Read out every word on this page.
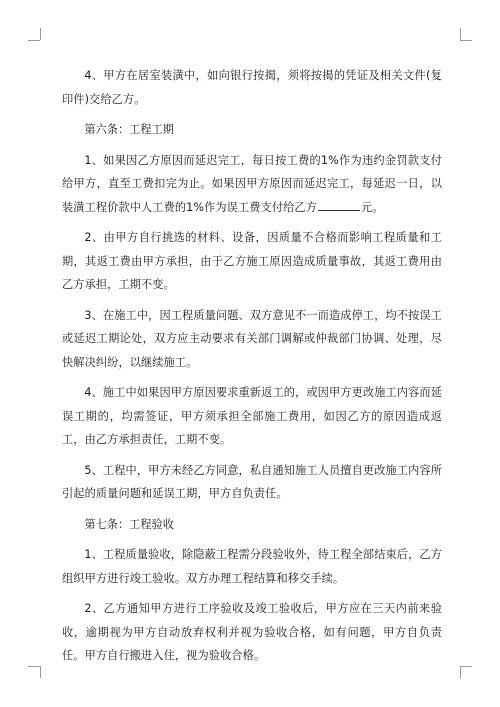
4、甲方在居室装潢中，如向银行按揭，须将按揭的凭证及相关文件(复印件)交给乙方。

第六条：工程工期

1、如果因乙方原因而延迟完工，每日按工费的1%作为违约金罚款支付给甲方，直至工费扣完为止。如果因甲方原因而延迟完工，每延迟一日，以装潢工程价款中人工费的1%作为误工费支付给乙方	元。

2、由甲方自行挑选的材料、设备，因质量不合格而影响工程质量和工期，其返工费由甲方承担，由于乙方施工原因造成质量事故，其返工费用由乙方承担，工期不变。

3、在施工中，因工程质量问题、双方意见不一而造成停工，均不按误工或延迟工期论处，双方应主动要求有关部门调解或仲裁部门协调、处理，尽快解决纠纷，以继续施工。

4、施工中如果因甲方原因要求重新返工的，或因甲方更改施工内容而延误工期的，均需签证，甲方须承担全部施工费用，如因乙方的原因造成返工，由乙方承担责任，工期不变。

5、工程中，甲方未经乙方同意，私自通知施工人员擅自更改施工内容所引起的质量问题和延误工期，甲方自负责任。

第七条：工程验收

1、工程质量验收，除隐蔽工程需分段验收外，待工程全部结束后，乙方组织甲方进行竣工验收。双方办理工程结算和移交手续。

2、乙方通知甲方进行工序验收及竣工验收后，甲方应在三天内前来验收，逾期视为甲方自动放弃权利并视为验收合格，如有问题，甲方自负责任。甲方自行搬进入住，视为验收合格。
